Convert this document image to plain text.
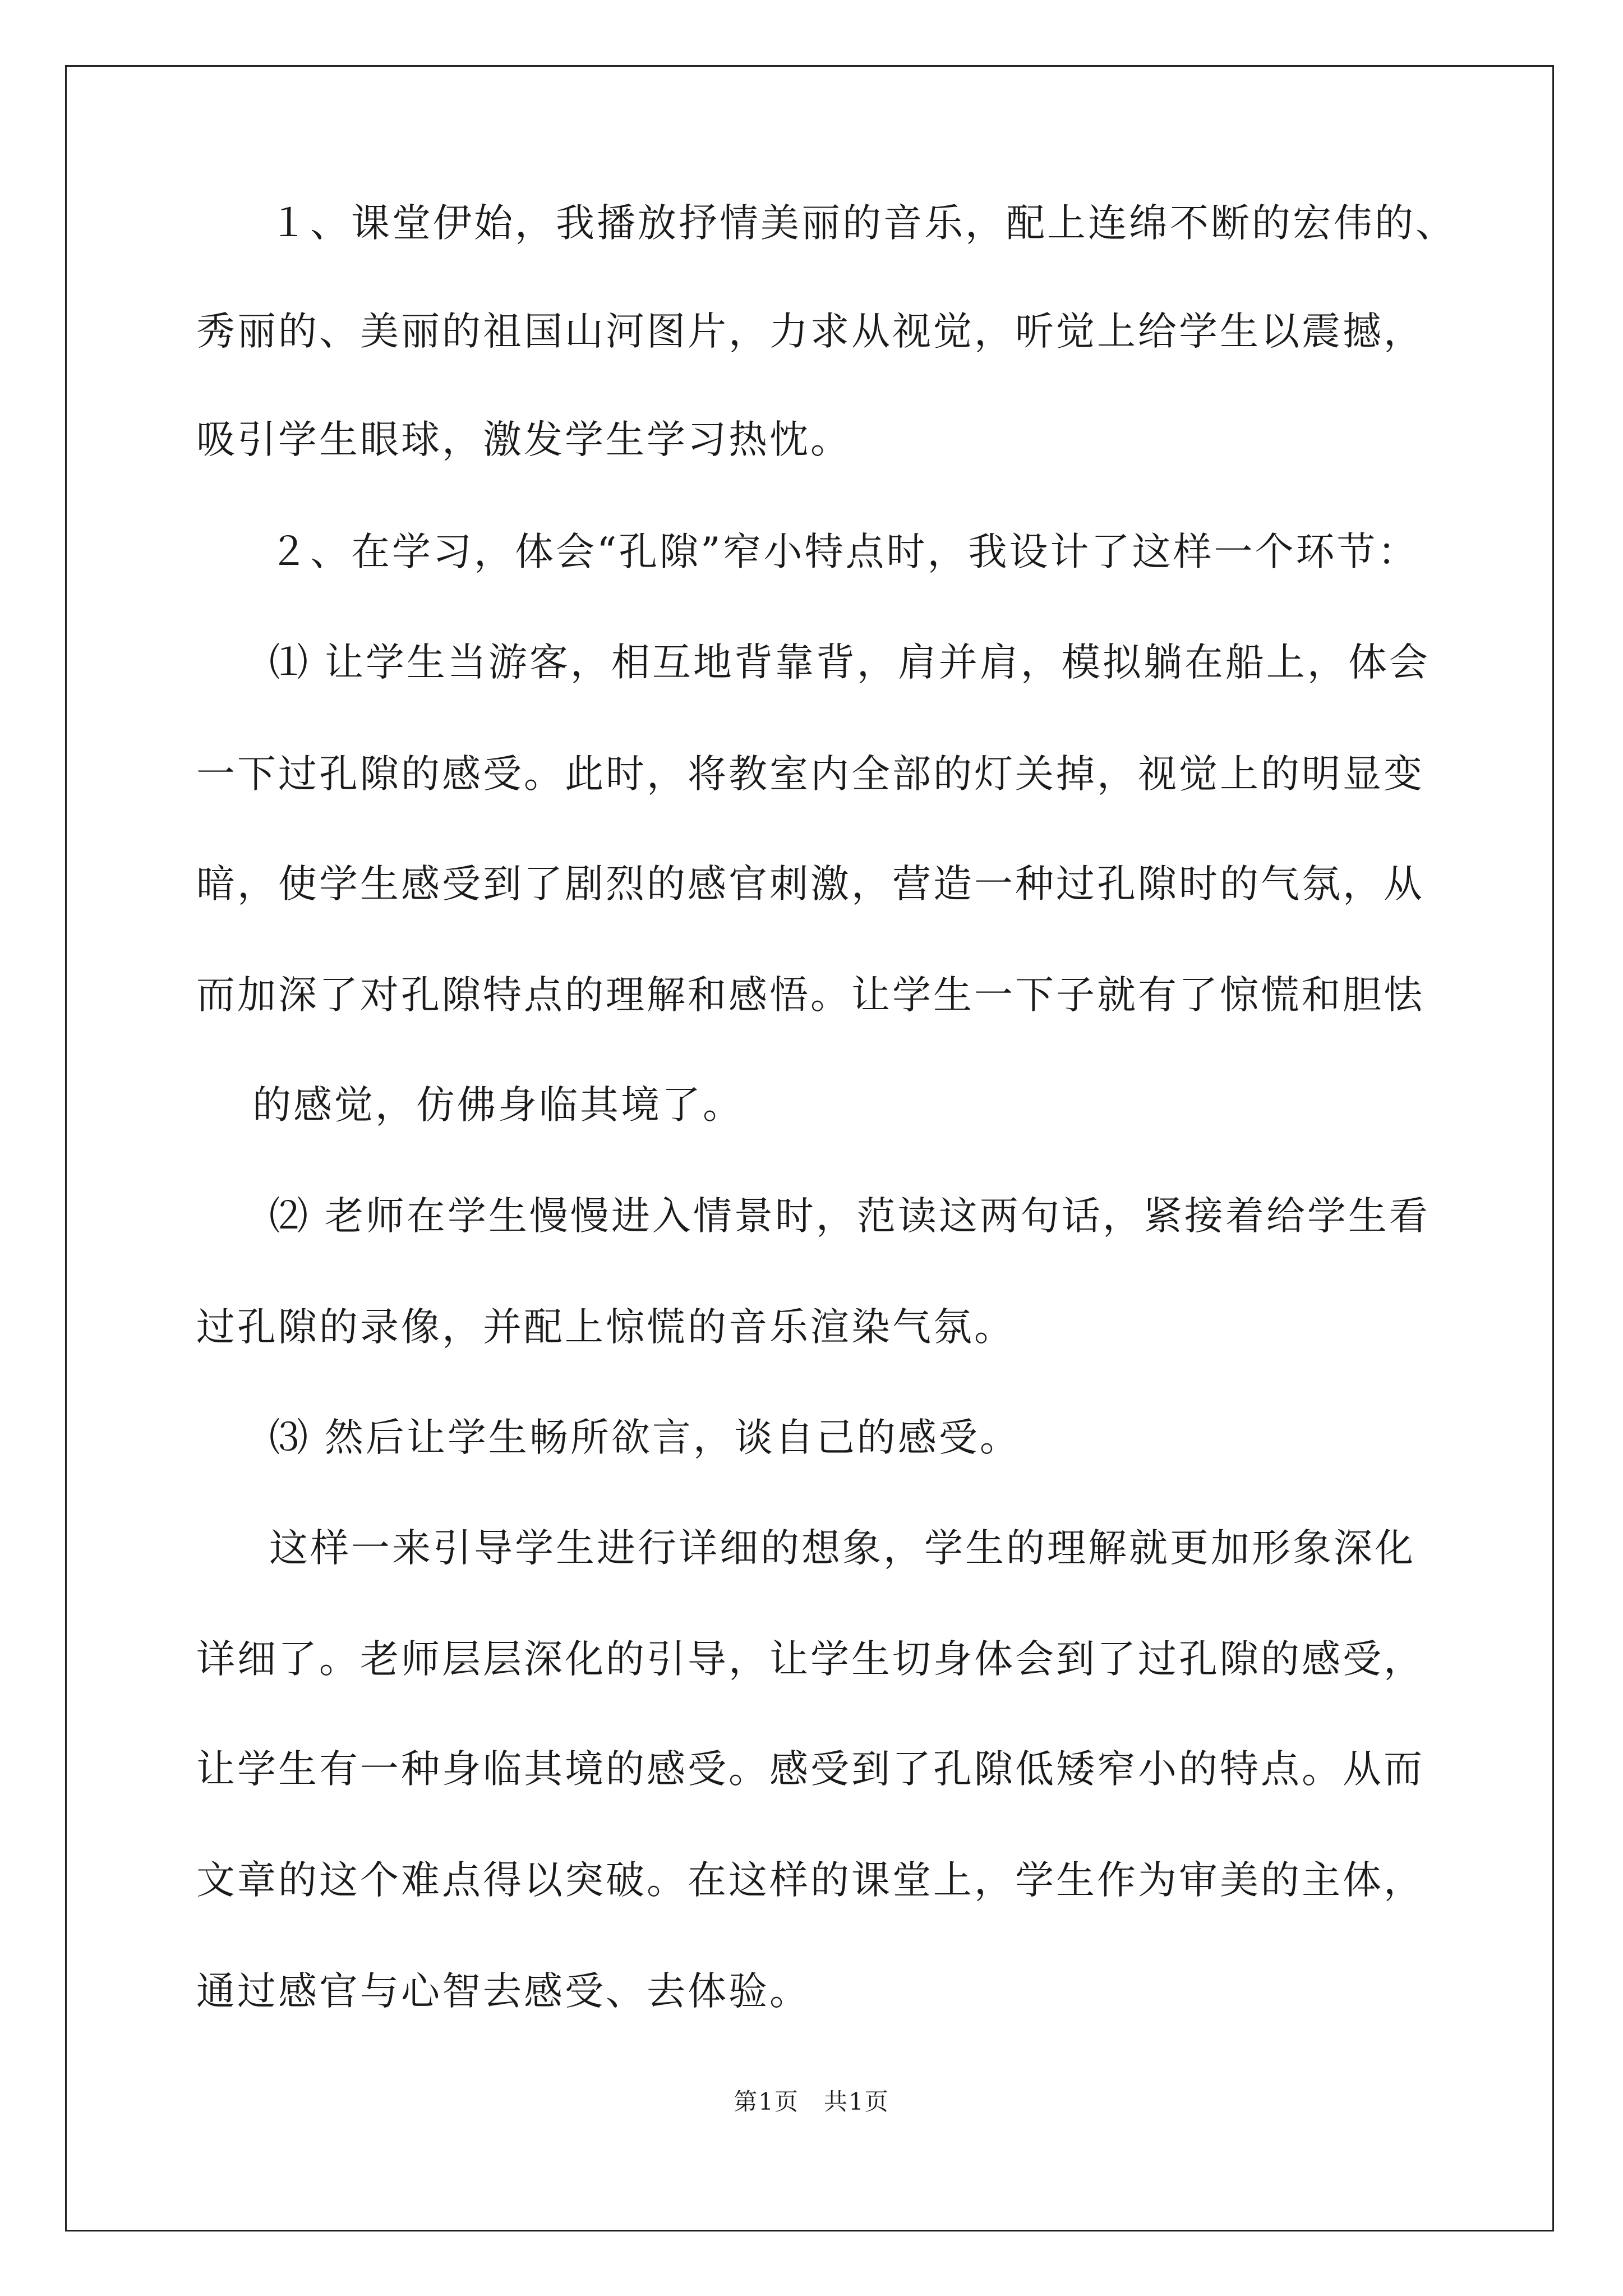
１、课堂伊始，我播放抒情美丽的音乐，配上连绵不断的宏伟的、
秀丽的、美丽的祖国山河图片，力求从视觉，听觉上给学生以震撼，
吸引学生眼球，激发学生学习热忱。
２、在学习，体会“孔隙”窄小特点时，我设计了这样一个环节：
⑴ 让学生当游客，相互地背靠背，肩并肩，模拟躺在船上，体会
一下过孔隙的感受。此时，将教室内全部的灯关掉，视觉上的明显变
暗，使学生感受到了剧烈的感官刺激，营造一种过孔隙时的气氛，从
而加深了对孔隙特点的理解和感悟。让学生一下子就有了惊慌和胆怯
的感觉，仿佛身临其境了。
⑵ 老师在学生慢慢进入情景时，范读这两句话，紧接着给学生看
过孔隙的录像，并配上惊慌的音乐渲染气氛。
⑶ 然后让学生畅所欲言，谈自己的感受。
这样一来引导学生进行详细的想象，学生的理解就更加形象深化
详细了。老师层层深化的引导，让学生切身体会到了过孔隙的感受，
让学生有一种身临其境的感受。感受到了孔隙低矮窄小的特点。从而
文章的这个难点得以突破。在这样的课堂上，学生作为审美的主体，
通过感官与心智去感受、去体验。
第1页　共1页
